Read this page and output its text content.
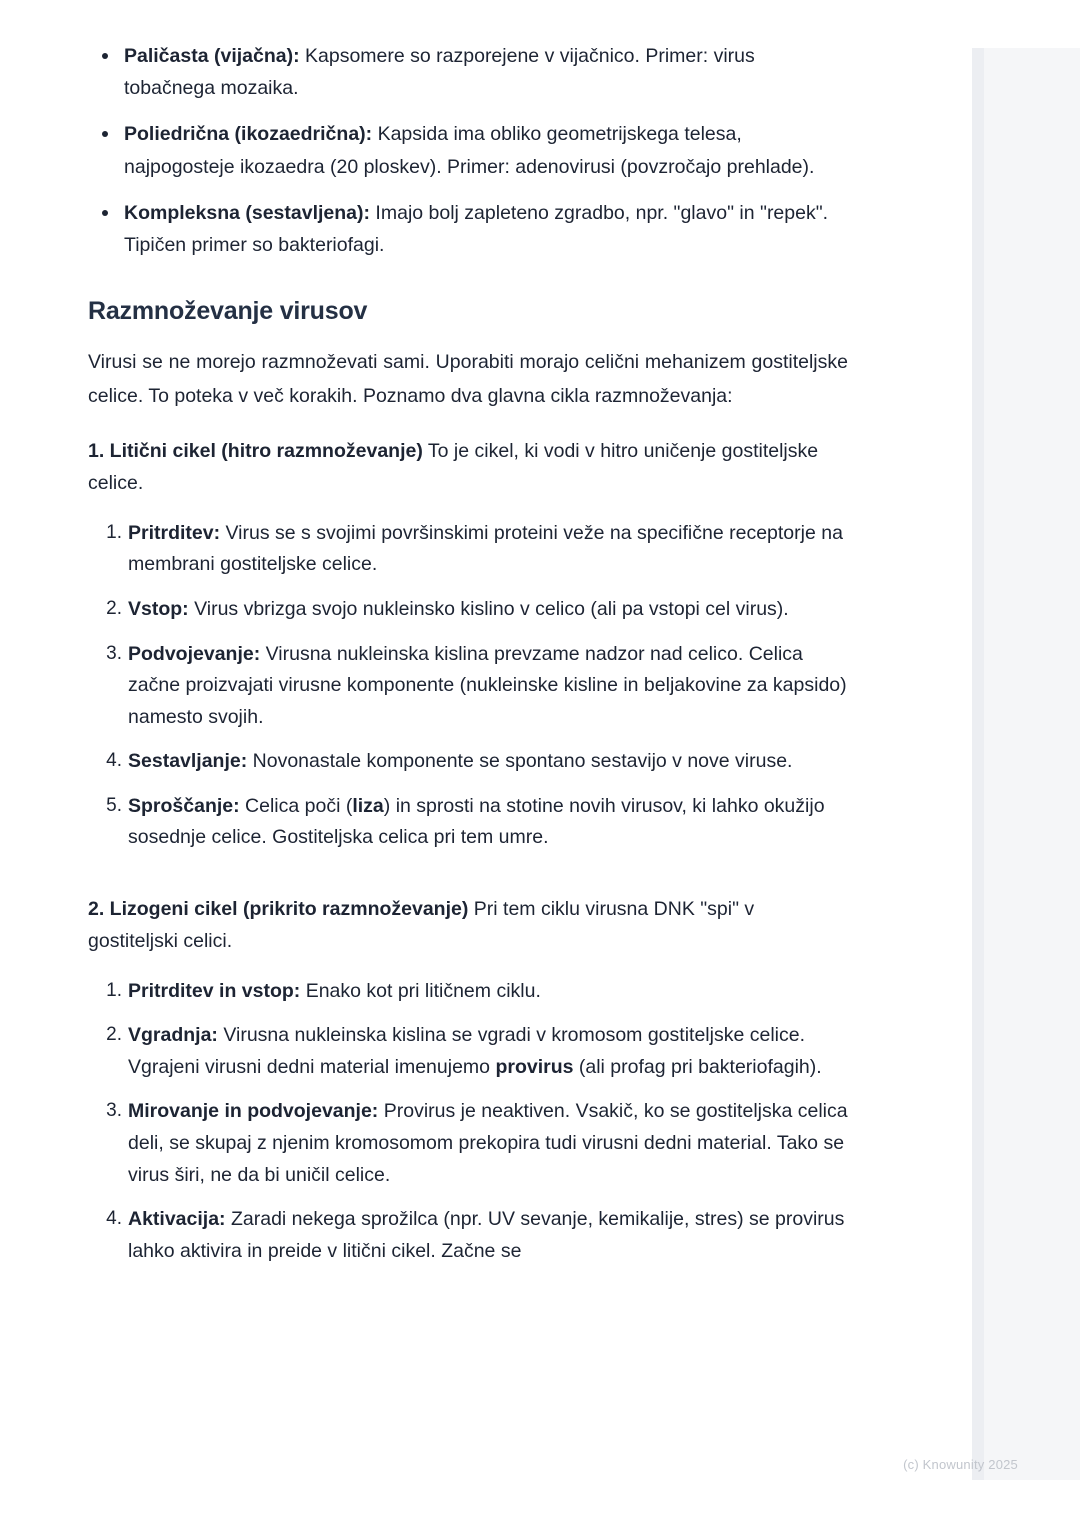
Paličasta (vijačna): Kapsomere so razporejene v vijačnico. Primer: virus tobačnega mozaika.
Poliedrična (ikozaedrična): Kapsida ima obliko geometrijskega telesa, najpogosteje ikozaedra (20 ploskev). Primer: adenovirusi (povzročajo prehlade).
Kompleksna (sestavljena): Imajo bolj zapleteno zgradbo, npr. "glavo" in "repek". Tipičen primer so bakteriofagi.
Razmnoževanje virusov

Virusi se ne morejo razmnoževati sami. Uporabiti morajo celični mehanizem gostiteljske celice. To poteka v več korakih. Poznamo dva glavna cikla razmnoževanja:

1. Litični cikel (hitro razmnoževanje) To je cikel, ki vodi v hitro uničenje gostiteljske celice.

Pritrditev: Virus se s svojimi površinskimi proteini veže na specifične receptorje na membrani gostiteljske celice.
Vstop: Virus vbrizga svojo nukleinsko kislino v celico (ali pa vstopi cel virus).
Podvojevanje: Virusna nukleinska kislina prevzame nadzor nad celico. Celica začne proizvajati virusne komponente (nukleinske kisline in beljakovine za kapsido) namesto svojih.
Sestavljanje: Novonastale komponente se spontano sestavijo v nove viruse.
Sproščanje: Celica poči (liza) in sprosti na stotine novih virusov, ki lahko okužijo sosednje celice. Gostiteljska celica pri tem umre.

2. Lizogeni cikel (prikrito razmnoževanje) Pri tem ciklu virusna DNK "spi" v gostiteljski celici.

Pritrditev in vstop: Enako kot pri litičnem ciklu.
Vgradnja: Virusna nukleinska kislina se vgradi v kromosom gostiteljske celice. Vgrajeni virusni dedni material imenujemo provirus (ali profag pri bakteriofagih).
Mirovanje in podvojevanje: Provirus je neaktiven. Vsakič, ko se gostiteljska celica deli, se skupaj z njenim kromosomom prekopira tudi virusni dedni material. Tako se virus širi, ne da bi uničil celice.
Aktivacija: Zaradi nekega sprožilca (npr. UV sevanje, kemikalije, stres) se provirus lahko aktivira in preide v litični cikel. Začne se
(c) Knowunity 2025
